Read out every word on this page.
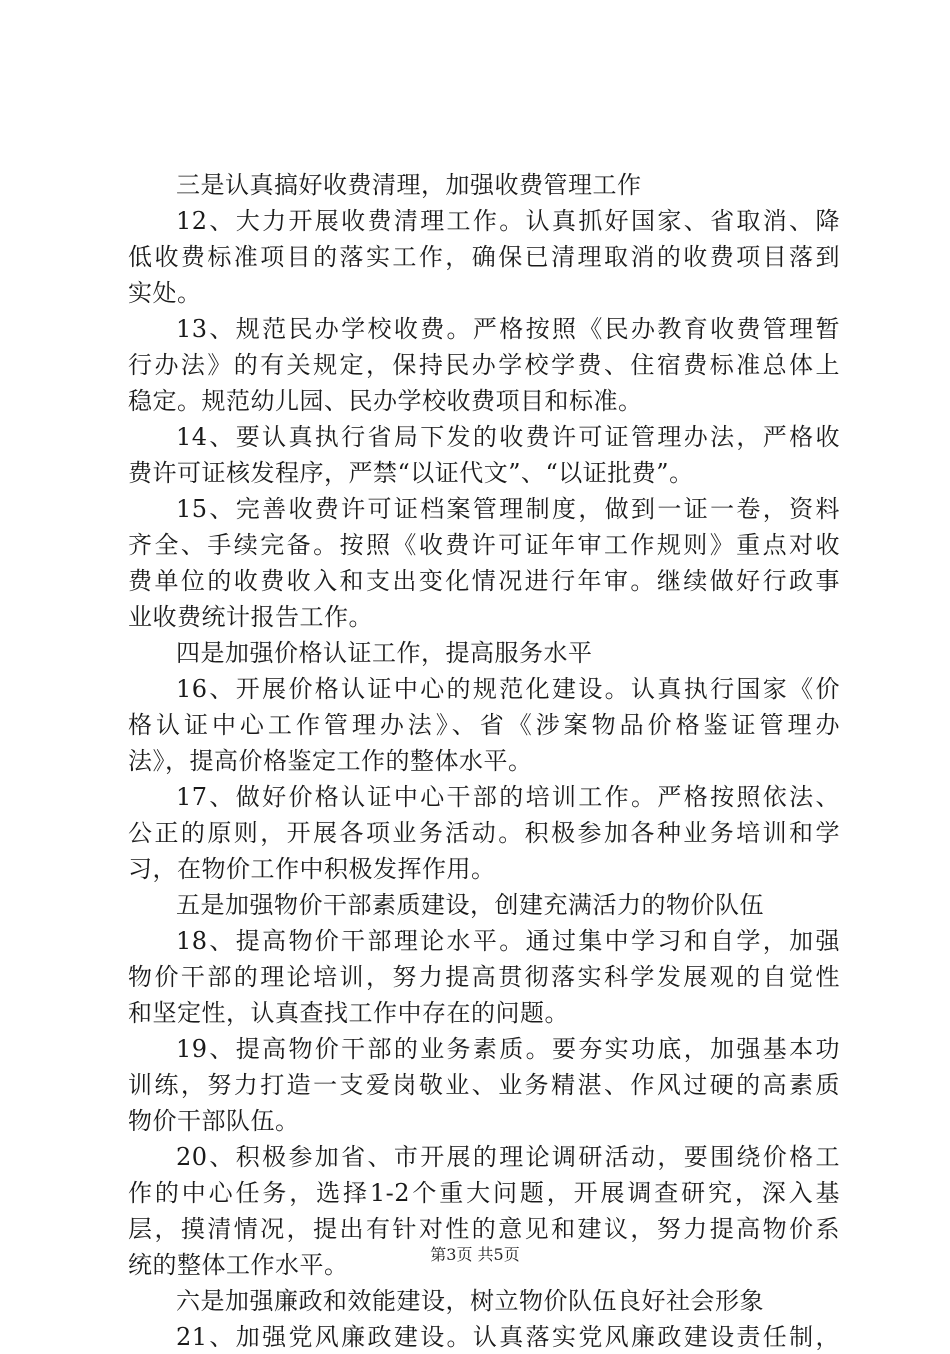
三是认真搞好收费清理，加强收费管理工作
12、大力开展收费清理工作。认真抓好国家、省取消、降
低收费标准项目的落实工作，确保已清理取消的收费项目落到
实处。
13、规范民办学校收费。严格按照《民办教育收费管理暂
行办法》的有关规定，保持民办学校学费、住宿费标准总体上
稳定。规范幼儿园、民办学校收费项目和标准。
14、要认真执行省局下发的收费许可证管理办法，严格收
费许可证核发程序，严禁“以证代文”、“以证批费”。
15、完善收费许可证档案管理制度，做到一证一卷，资料
齐全、手续完备。按照《收费许可证年审工作规则》重点对收
费单位的收费收入和支出变化情况进行年审。继续做好行政事
业收费统计报告工作。
四是加强价格认证工作，提高服务水平
16、开展价格认证中心的规范化建设。认真执行国家《价
格认证中心工作管理办法》、省《涉案物品价格鉴证管理办
法》，提高价格鉴定工作的整体水平。
17、做好价格认证中心干部的培训工作。严格按照依法、
公正的原则，开展各项业务活动。积极参加各种业务培训和学
习，在物价工作中积极发挥作用。
五是加强物价干部素质建设，创建充满活力的物价队伍
18、提高物价干部理论水平。通过集中学习和自学，加强
物价干部的理论培训，努力提高贯彻落实科学发展观的自觉性
和坚定性，认真查找工作中存在的问题。
19、提高物价干部的业务素质。要夯实功底，加强基本功
训练，努力打造一支爱岗敬业、业务精湛、作风过硬的高素质
物价干部队伍。
20、积极参加省、市开展的理论调研活动，要围绕价格工
作的中心任务，选择1-2个重大问题，开展调查研究，深入基
层，摸清情况，提出有针对性的意见和建议，努力提高物价系
统的整体工作水平。
六是加强廉政和效能建设，树立物价队伍良好社会形象
21、加强党风廉政建设。认真落实党风廉政建设责任制，
第3页 共5页
